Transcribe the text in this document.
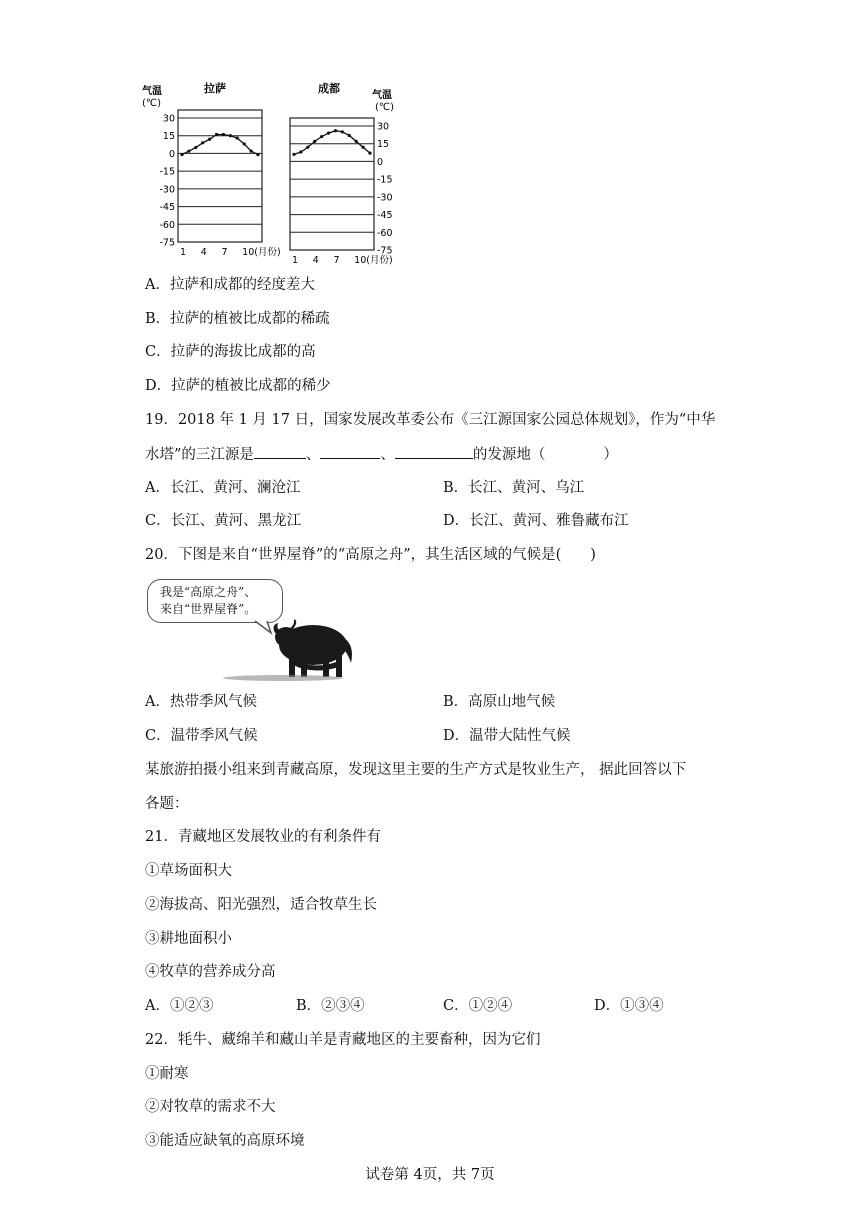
气温
(℃)
拉萨	成都
气温
(℃)
30
15
0
-15
-30
-45
-60
-75
1 4 7 10(月份)
30
15
0
-15
-30
-45
-60
-75
1 4 7 10(月份)
A．拉萨和成都的经度差大
B．拉萨的植被比成都的稀疏
C．拉萨的海拔比成都的高
D．拉萨的植被比成都的稀少
19．2018 年 1 月 17 日，国家发展改革委公布《三江源国家公园总体规划》，作为“中华
水塔”的三江源是	、	、	的发源地（　　　　）
A．长江、黄河、澜沧江	B．长江、黄河、乌江
C．长江、黄河、黑龙江	D．长江、黄河、雅鲁藏布江
20．下图是来自“世界屋脊”的“高原之舟”，其生活区域的气候是(　　)
我是“高原之舟”、
来自“世界屋脊”。
A．热带季风气候	B．高原山地气候
C．温带季风气候	D．温带大陆性气候
某旅游拍摄小组来到青藏高原，发现这里主要的生产方式是牧业生产， 据此回答以下
各题：
21．青藏地区发展牧业的有利条件有
①草场面积大
②海拔高、阳光强烈，适合牧草生长
③耕地面积小
④牧草的营养成分高
A．①②③	B．②③④	C．①②④	D．①③④
22．牦牛、藏绵羊和藏山羊是青藏地区的主要畜种，因为它们
①耐寒
②对牧草的需求不大
③能适应缺氧的高原环境
试卷第 4页，共 7页
